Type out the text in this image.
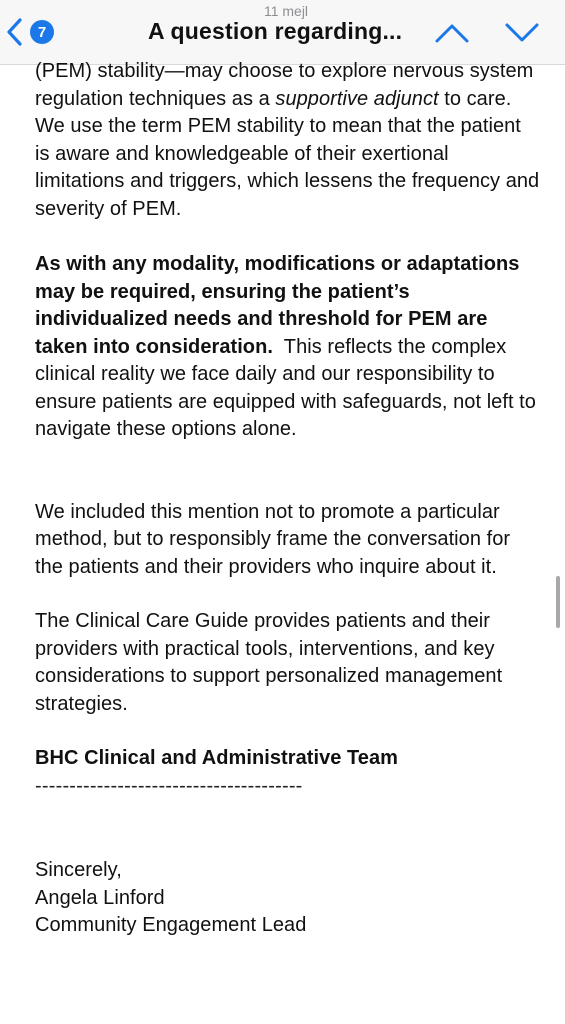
11 mejl
7	A question regarding...

(PEM) stability—may choose to explore nervous system regulation techniques as a supportive adjunct to care. We use the term PEM stability to mean that the patient is aware and knowledgeable of their exertional limitations and triggers, which lessens the frequency and severity of PEM.

As with any modality, modifications or adaptations may be required, ensuring the patient’s individualized needs and threshold for PEM are taken into consideration.  This reflects the complex clinical reality we face daily and our responsibility to ensure patients are equipped with safeguards, not left to navigate these options alone.

We included this mention not to promote a particular method, but to responsibly frame the conversation for the patients and their providers who inquire about it.

The Clinical Care Guide provides patients and their providers with practical tools, interventions, and key considerations to support personalized management strategies.

BHC Clinical and Administrative Team

---------------------------------------

Sincerely,

Angela Linford

Community Engagement Lead
